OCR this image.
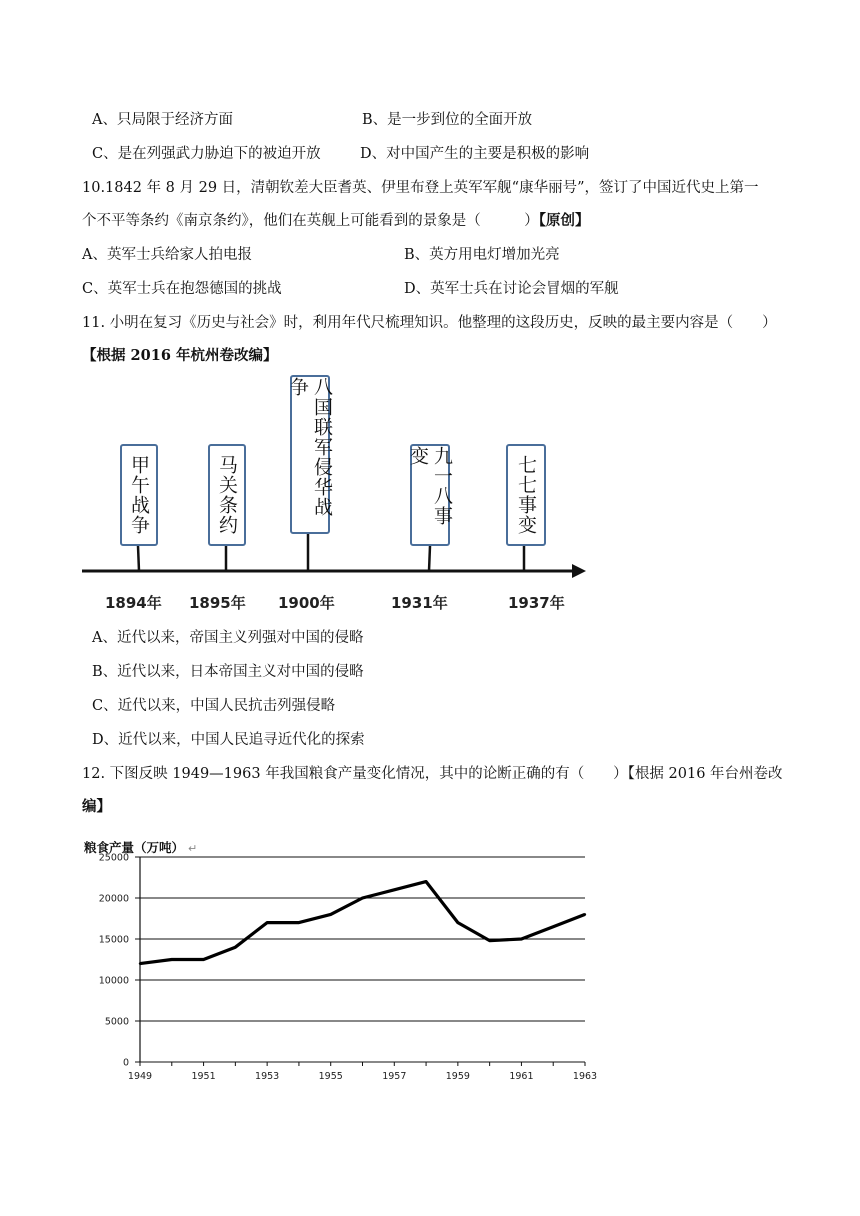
A、只局限于经济方面	B、是一步到位的全面开放
C、是在列强武力胁迫下的被迫开放	D、对中国产生的主要是积极的影响
10.1842 年 8 月 29 日，清朝钦差大臣耆英、伊里布登上英军军舰“康华丽号”，签订了中国近代史上第一
个不平等条约《南京条约》，他们在英舰上可能看到的景象是（　　　）【原创】
A、英军士兵给家人拍电报	B、英方用电灯增加光亮
C、英军士兵在抱怨德国的挑战	D、英军士兵在讨论会冒烟的军舰
11. 小明在复习《历史与社会》时，利用年代尺梳理知识。他整理的这段历史，反映的最主要内容是（　　）
【根据 2016 年杭州卷改编】
甲午战争	马关条约	八国联军侵华战争
九一八事变	七七事变
1894年 1895年 1900年	1931年	1937年
A、近代以来，帝国主义列强对中国的侵略
B、近代以来，日本帝国主义对中国的侵略
C、近代以来，中国人民抗击列强侵略
D、近代以来，中国人民追寻近代化的探索
12. 下图反映 1949—1963 年我国粮食产量变化情况，其中的论断正确的有（　　）【根据 2016 年台州卷改
编】
粮食产量（万吨） ↵
0
5000
10000
15000
20000
25000
1949	1951	1953	1955	1957	1959	1961	1963
